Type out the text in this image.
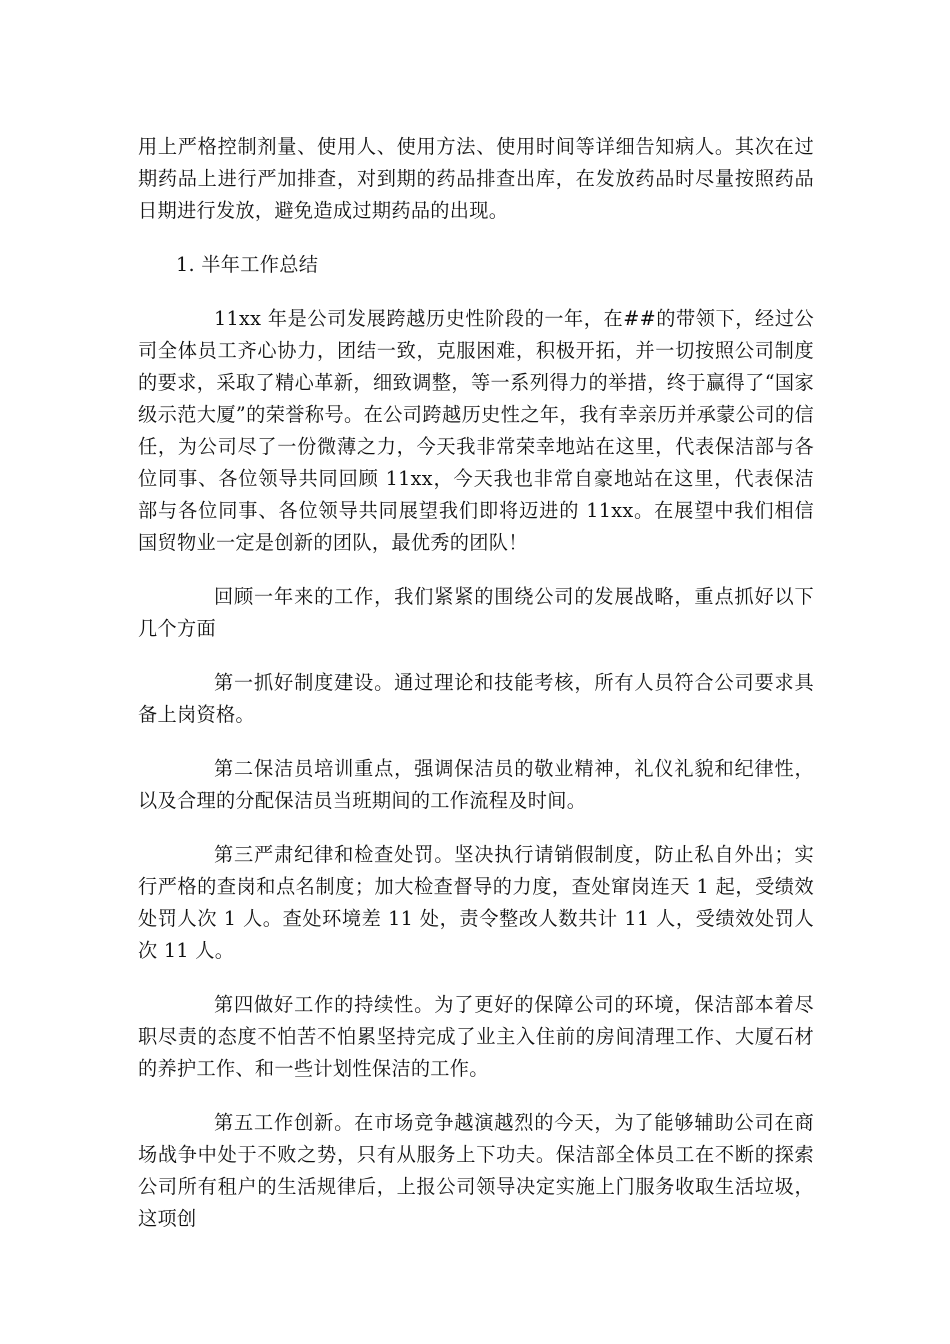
用上严格控制剂量、使用人、使用方法、使用时间等详细告知病人。其次在过期药品上进行严加排查，对到期的药品排查出库，在发放药品时尽量按照药品日期进行发放，避免造成过期药品的出现。

1. 半年工作总结

11xx 年是公司发展跨越历史性阶段的一年，在##的带领下，经过公司全体员工齐心协力，团结一致，克服困难，积极开拓，并一切按照公司制度的要求，采取了精心革新，细致调整，等一系列得力的举措，终于赢得了“国家级示范大厦”的荣誉称号。在公司跨越历史性之年，我有幸亲历并承蒙公司的信任，为公司尽了一份微薄之力，今天我非常荣幸地站在这里，代表保洁部与各位同事、各位领导共同回顾 11xx，今天我也非常自豪地站在这里，代表保洁部与各位同事、各位领导共同展望我们即将迈进的 11xx。在展望中我们相信国贸物业一定是创新的团队，最优秀的团队！

回顾一年来的工作，我们紧紧的围绕公司的发展战略，重点抓好以下几个方面

第一抓好制度建设。通过理论和技能考核，所有人员符合公司要求具备上岗资格。

第二保洁员培训重点，强调保洁员的敬业精神，礼仪礼貌和纪律性，以及合理的分配保洁员当班期间的工作流程及时间。

第三严肃纪律和检查处罚。坚决执行请销假制度，防止私自外出；实行严格的查岗和点名制度；加大检查督导的力度，查处窜岗连天 1 起，受绩效处罚人次 1 人。查处环境差 11 处，责令整改人数共计 11 人，受绩效处罚人次 11 人。

第四做好工作的持续性。为了更好的保障公司的环境，保洁部本着尽职尽责的态度不怕苦不怕累坚持完成了业主入住前的房间清理工作、大厦石材的养护工作、和一些计划性保洁的工作。

第五工作创新。在市场竞争越演越烈的今天，为了能够辅助公司在商场战争中处于不败之势，只有从服务上下功夫。保洁部全体员工在不断的探索公司所有租户的生活规律后，上报公司领导决定实施上门服务收取生活垃圾，这项创
